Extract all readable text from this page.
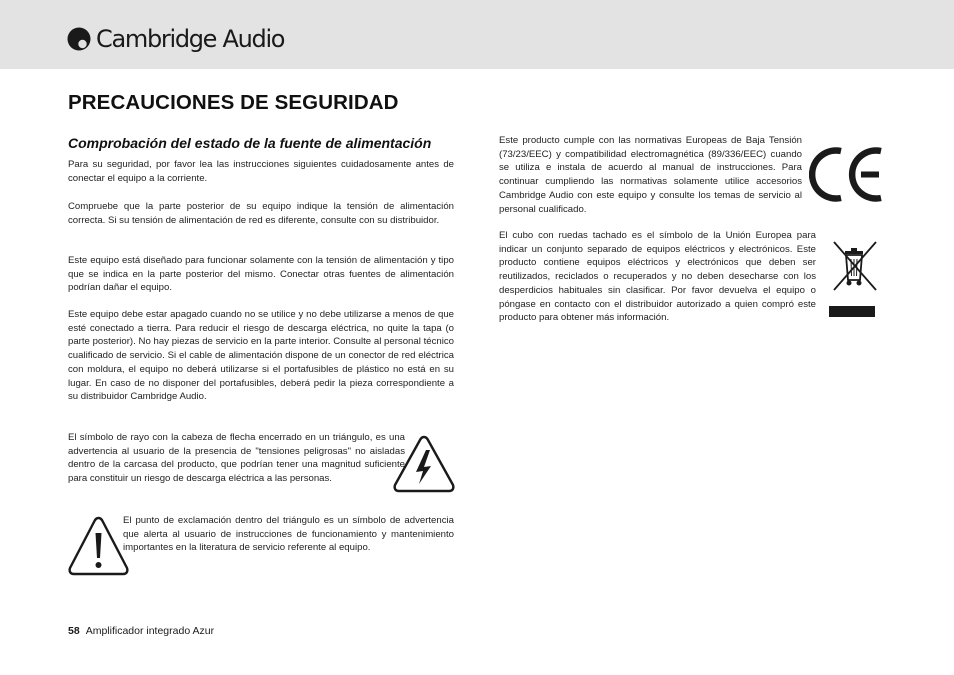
Cambridge Audio
PRECAUCIONES DE SEGURIDAD
Comprobación del estado de la fuente de alimentación

Para su seguridad, por favor lea las instrucciones siguientes cuidadosamente antes de conectar el equipo a la corriente.

Compruebe que la parte posterior de su equipo indique la tensión de alimentación correcta. Si su tensión de alimentación de red es diferente, consulte con su distribuidor.

Este equipo está diseñado para funcionar solamente con la tensión de alimentación y tipo que se indica en la parte posterior del mismo. Conectar otras fuentes de alimentación podrían dañar el equipo.

Este equipo debe estar apagado cuando no se utilice y no debe utilizarse a menos de que esté conectado a tierra. Para reducir el riesgo de descarga eléctrica, no quite la tapa (o parte posterior). No hay piezas de servicio en la parte interior. Consulte al personal técnico cualificado de servicio. Si el cable de alimentación dispone de un conector de red eléctrica con moldura, el equipo no deberá utilizarse si el portafusibles de plástico no está en su lugar. En caso de no disponer del portafusibles, deberá pedir la pieza correspondiente a su distribuidor Cambridge Audio.

El símbolo de rayo con la cabeza de flecha encerrado en un triángulo, es una advertencia al usuario de la presencia de "tensiones peligrosas" no aisladas dentro de la carcasa del producto, que podrían tener una magnitud suficiente para constituir un riesgo de descarga eléctrica a las personas.

El punto de exclamación dentro del triángulo es un símbolo de advertencia que alerta al usuario de instrucciones de funcionamiento y mantenimiento importantes en la literatura de servicio referente al equipo.

Este producto cumple con las normativas Europeas de Baja Tensión (73/23/EEC) y compatibilidad electromagnética (89/336/EEC) cuando se utiliza e instala de acuerdo al manual de instrucciones. Para continuar cumpliendo las normativas solamente utilice accesorios Cambridge Audio con este equipo y consulte los temas de servicio al personal cualificado.

El cubo con ruedas tachado es el símbolo de la Unión Europea para indicar un conjunto separado de equipos eléctricos y electrónicos. Este producto contiene equipos eléctricos y electrónicos que deben ser reutilizados, reciclados o recuperados y no deben desecharse con los desperdicios habituales sin clasificar. Por favor devuelva el equipo o póngase en contacto con el distribuidor autorizado a quien compró este producto para obtener más información.

58 Amplificador integrado Azur
